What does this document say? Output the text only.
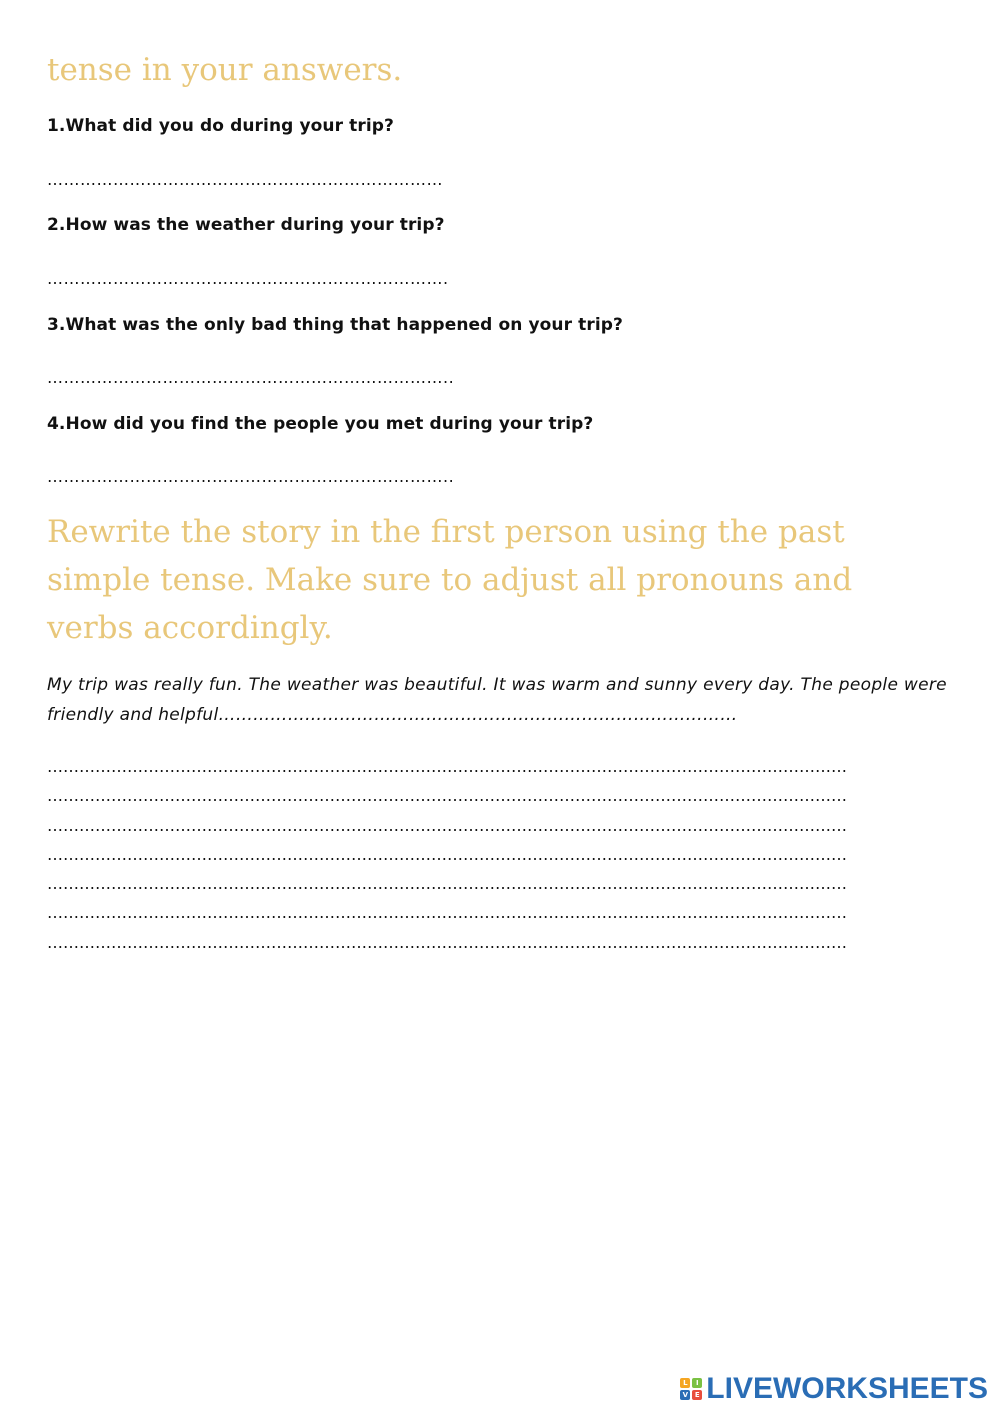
tense in your answers.

1.What did you do during your trip?

………………………………………………………………

2.How was the weather during your trip?

……………………………………………………………….

3.What was the only bad thing that happened on your trip?

………………………………………………………………..

4.How did you find the people you met during your trip?

………………………………………………………………..

Rewrite the story in the first person using the past simple tense. Make sure to adjust all pronouns and verbs accordingly.

My trip was really fun. The weather was beautiful. It was warm and sunny every day. The people were friendly and helpful………………………………………………………………………………

……………………………………………………………………………………………………………………………………
……………………………………………………………………………………………………………………………………
……………………………………………………………………………………………………………………………………
……………………………………………………………………………………………………………………………………
……………………………………………………………………………………………………………………………………
……………………………………………………………………………………………………………………………………
……………………………………………………………………………………………………………………………………
L	I
V E LIVEWORKSHEETS
